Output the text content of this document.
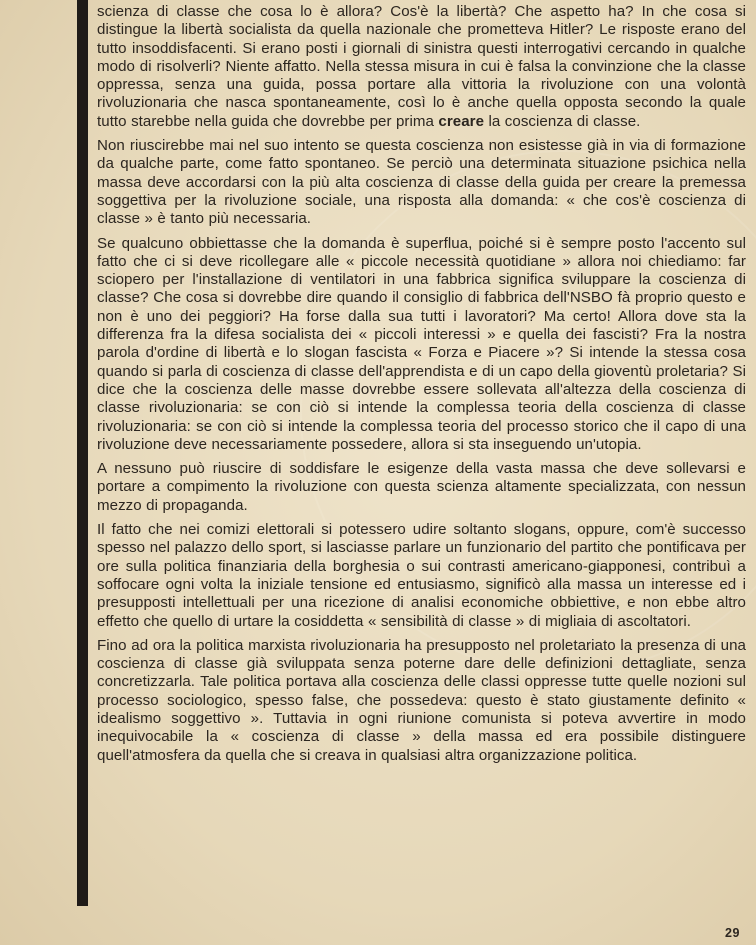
scienza di classe che cosa lo è allora? Cos'è la libertà? Che aspetto ha? In che cosa si distingue la libertà socialista da quella nazionale che prometteva Hitler? Le risposte erano del tutto insoddisfacenti. Si erano posti i giornali di sinistra questi interrogativi cercando in qualche modo di risolverli? Niente affatto. Nella stessa misura in cui è falsa la convinzione che la classe oppressa, senza una guida, possa portare alla vittoria la rivoluzione con una volontà rivoluzionaria che nasca spontaneamente, così lo è anche quella opposta secondo la quale tutto starebbe nella guida che dovrebbe per prima creare la coscienza di classe.

Non riuscirebbe mai nel suo intento se questa coscienza non esistesse già in via di formazione da qualche parte, come fatto spontaneo. Se perciò una determinata situazione psichica nella massa deve accordarsi con la più alta coscienza di classe della guida per creare la premessa soggettiva per la rivoluzione sociale, una risposta alla domanda: « che cos'è coscienza di classe » è tanto più necessaria.

Se qualcuno obbiettasse che la domanda è superflua, poiché si è sempre posto l'accento sul fatto che ci si deve ricollegare alle « piccole necessità quotidiane » allora noi chiediamo: far sciopero per l'installazione di ventilatori in una fabbrica significa sviluppare la coscienza di classe? Che cosa si dovrebbe dire quando il consiglio di fabbrica dell'NSBO fà proprio questo e non è uno dei peggiori? Ha forse dalla sua tutti i lavoratori? Ma certo! Allora dove sta la differenza fra la difesa socialista dei « piccoli interessi » e quella dei fascisti? Fra la nostra parola d'ordine di libertà e lo slogan fascista « Forza e Piacere »? Si intende la stessa cosa quando si parla di coscienza di classe dell'apprendista e di un capo della gioventù proletaria? Si dice che la coscienza delle masse dovrebbe essere sollevata all'altezza della coscienza di classe rivoluzionaria: se con ciò si intende la complessa teoria della coscienza di classe rivoluzionaria: se con ciò si intende la complessa teoria del processo storico che il capo di una rivoluzione deve necessariamente possedere, allora si sta inseguendo un'utopia.

A nessuno può riuscire di soddisfare le esigenze della vasta massa che deve sollevarsi e portare a compimento la rivoluzione con questa scienza altamente specializzata, con nessun mezzo di propaganda.

Il fatto che nei comizi elettorali si potessero udire soltanto slogans, oppure, com'è successo spesso nel palazzo dello sport, si lasciasse parlare un funzionario del partito che pontificava per ore sulla politica finanziaria della borghesia o sui contrasti americano-giapponesi, contribuì a soffocare ogni volta la iniziale tensione ed entusiasmo, significò alla massa un interesse ed i presupposti intellettuali per una ricezione di analisi economiche obbiettive, e non ebbe altro effetto che quello di urtare la cosiddetta « sensibilità di classe » di migliaia di ascoltatori.

Fino ad ora la politica marxista rivoluzionaria ha presupposto nel proletariato la presenza di una coscienza di classe già sviluppata senza poterne dare delle definizioni dettagliate, senza concretizzarla. Tale politica portava alla coscienza delle classi oppresse tutte quelle nozioni sul processo sociologico, spesso false, che possedeva: questo è stato giustamente definito « idealismo soggettivo ». Tuttavia in ogni riunione comunista si poteva avvertire in modo inequivocabile la « coscienza di classe » della massa ed era possibile distinguere quell'atmosfera da quella che si creava in qualsiasi altra organizzazione politica.

29
